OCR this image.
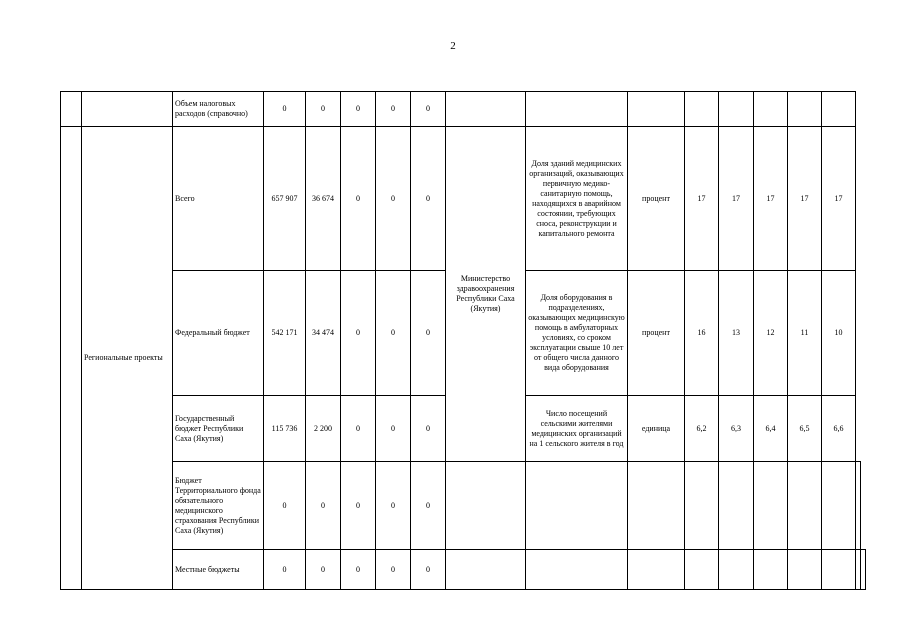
2
		Объем налоговых расходов (справочно)	0	0	0	0	0										
	Региональные проекты	Всего	657 907	36 674	0	0	0	Министерство здравоохранения Республики Саха (Якутия)	Доля зданий медицинских организаций, оказывающих первичную медико-санитарную помощь, находящихся в аварийном состоянии, требующих сноса, реконструкции и капитального ремонта	процент	17	17	17	17	17		
		Федеральный бюджет	542 171	34 474	0	0	0		Доля оборудования в подразделениях, оказывающих медицинскую помощь в амбулаторных условиях, со сроком эксплуатации свыше 10 лет от общего числа данного вида оборудования	процент	16	13	12	11	10		
		Государственный бюджет Республики Саха (Якутия)	115 736	2 200	0	0	0		Число посещений сельскими жителями медицинских организаций на 1 сельского жителя в год	единица	6,2	6,3	6,4	6,5	6,6		
		Бюджет Территориального фонда обязательного медицинского страхования Республики Саха (Якутия)	0	0	0	0	0										
		Местные бюджеты	0	0	0	0	0										
